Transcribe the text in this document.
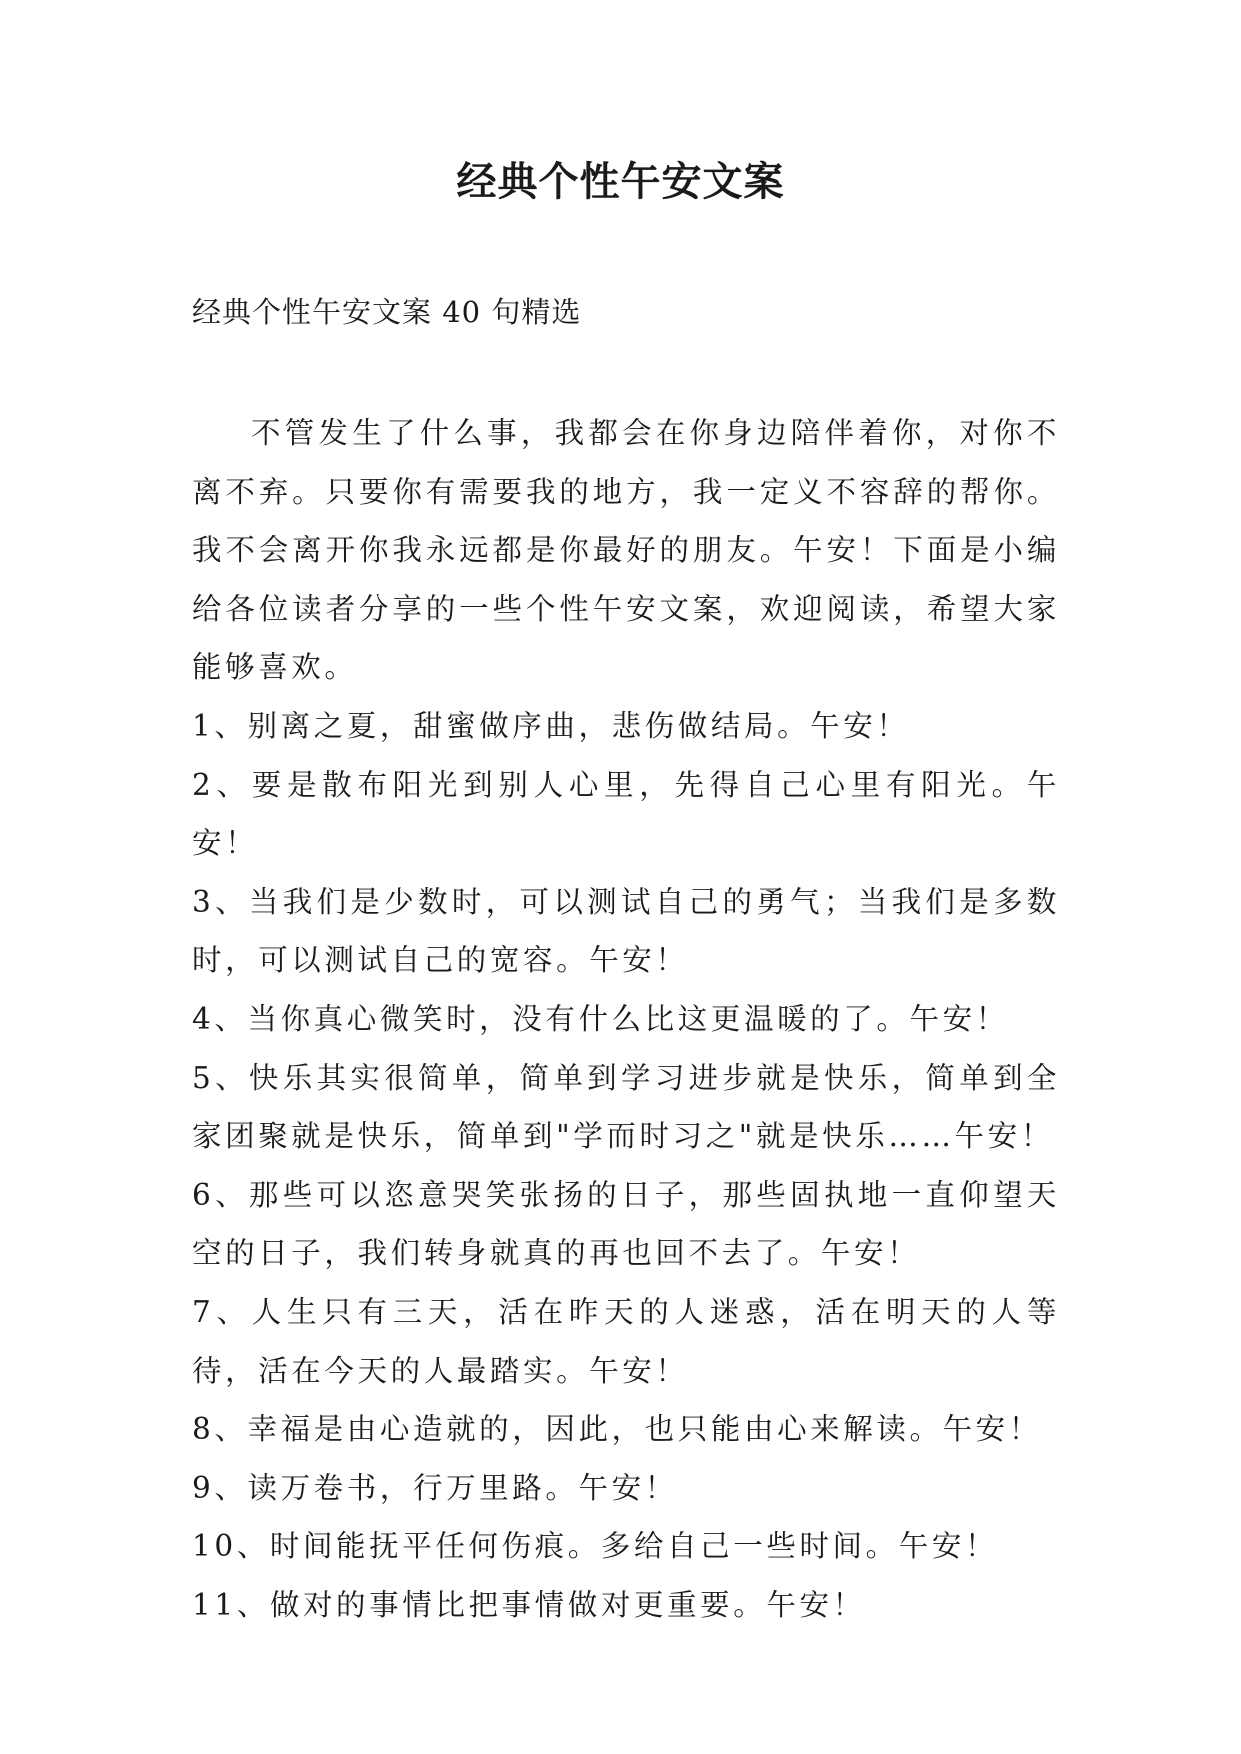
经典个性午安文案

经典个性午安文案 40 句精选

不管发生了什么事，我都会在你身边陪伴着你，对你不离不弃。只要你有需要我的地方，我一定义不容辞的帮你。我不会离开你我永远都是你最好的朋友。午安！下面是小编给各位读者分享的一些个性午安文案，欢迎阅读，希望大家能够喜欢。

1、别离之夏，甜蜜做序曲，悲伤做结局。午安！

2、要是散布阳光到别人心里，先得自己心里有阳光。午安！

3、当我们是少数时，可以测试自己的勇气；当我们是多数时，可以测试自己的宽容。午安！

4、当你真心微笑时，没有什么比这更温暖的了。午安！

5、快乐其实很简单，简单到学习进步就是快乐，简单到全家团聚就是快乐，简单到"学而时习之"就是快乐……午安！

6、那些可以恣意哭笑张扬的日子，那些固执地一直仰望天空的日子，我们转身就真的再也回不去了。午安！

7、人生只有三天，活在昨天的人迷惑，活在明天的人等待，活在今天的人最踏实。午安！

8、幸福是由心造就的，因此，也只能由心来解读。午安！

9、读万卷书，行万里路。午安！

10、时间能抚平任何伤痕。多给自己一些时间。午安！

11、做对的事情比把事情做对更重要。午安！
